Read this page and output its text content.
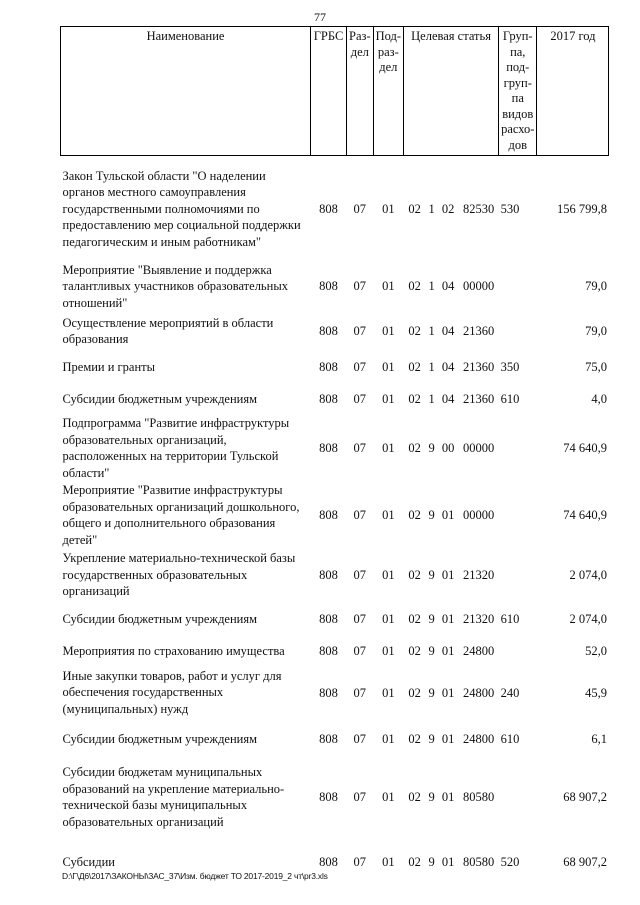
77
Наименование	ГРБС	Раз-дел	Под-раз-дел	Целевая статья				Груп-па, под-груп-па видов расхо-дов	2017 год
Закон Тульской области "О наделении органов местного самоуправления государственными полномочиями по предоставлению мер социальной поддержки педагогическим и иным работникам"	808	07	01	02	1	02	82530	530	156 799,8
Мероприятие "Выявление и поддержка талантливых участников образовательных отношений"	808	07	01	02	1	04	00000		79,0
Осуществление мероприятий в области образования	808	07	01	02	1	04	21360		79,0
Премии и гранты	808	07	01	02	1	04	21360	350	75,0
Субсидии бюджетным учреждениям	808	07	01	02	1	04	21360	610	4,0
Подпрограмма "Развитие инфраструктуры образовательных организаций, расположенных на территории Тульской области"	808	07	01	02	9	00	00000		74 640,9
Мероприятие "Развитие инфраструктуры образовательных организаций дошкольного, общего и дополнительного образования детей"	808	07	01	02	9	01	00000		74 640,9
Укрепление материально-технической базы государственных образовательных организаций	808	07	01	02	9	01	21320		2 074,0
Субсидии бюджетным учреждениям	808	07	01	02	9	01	21320	610	2 074,0
Мероприятия по страхованию имущества	808	07	01	02	9	01	24800		52,0
Иные закупки товаров, работ и услуг для обеспечения государственных (муниципальных) нужд	808	07	01	02	9	01	24800	240	45,9
Субсидии бюджетным учреждениям	808	07	01	02	9	01	24800	610	6,1
Субсидии бюджетам муниципальных образований на укрепление материально-технической базы муниципальных образовательных организаций	808	07	01	02	9	01	80580		68 907,2
Субсидии	808	07	01	02	9	01	80580	520	68 907,2
D:\Г\Д6\2017\ЗАКОНЫ\ЗАС_37\Изм. бюджет ТО 2017-2019_2 чт\pr3.xls
